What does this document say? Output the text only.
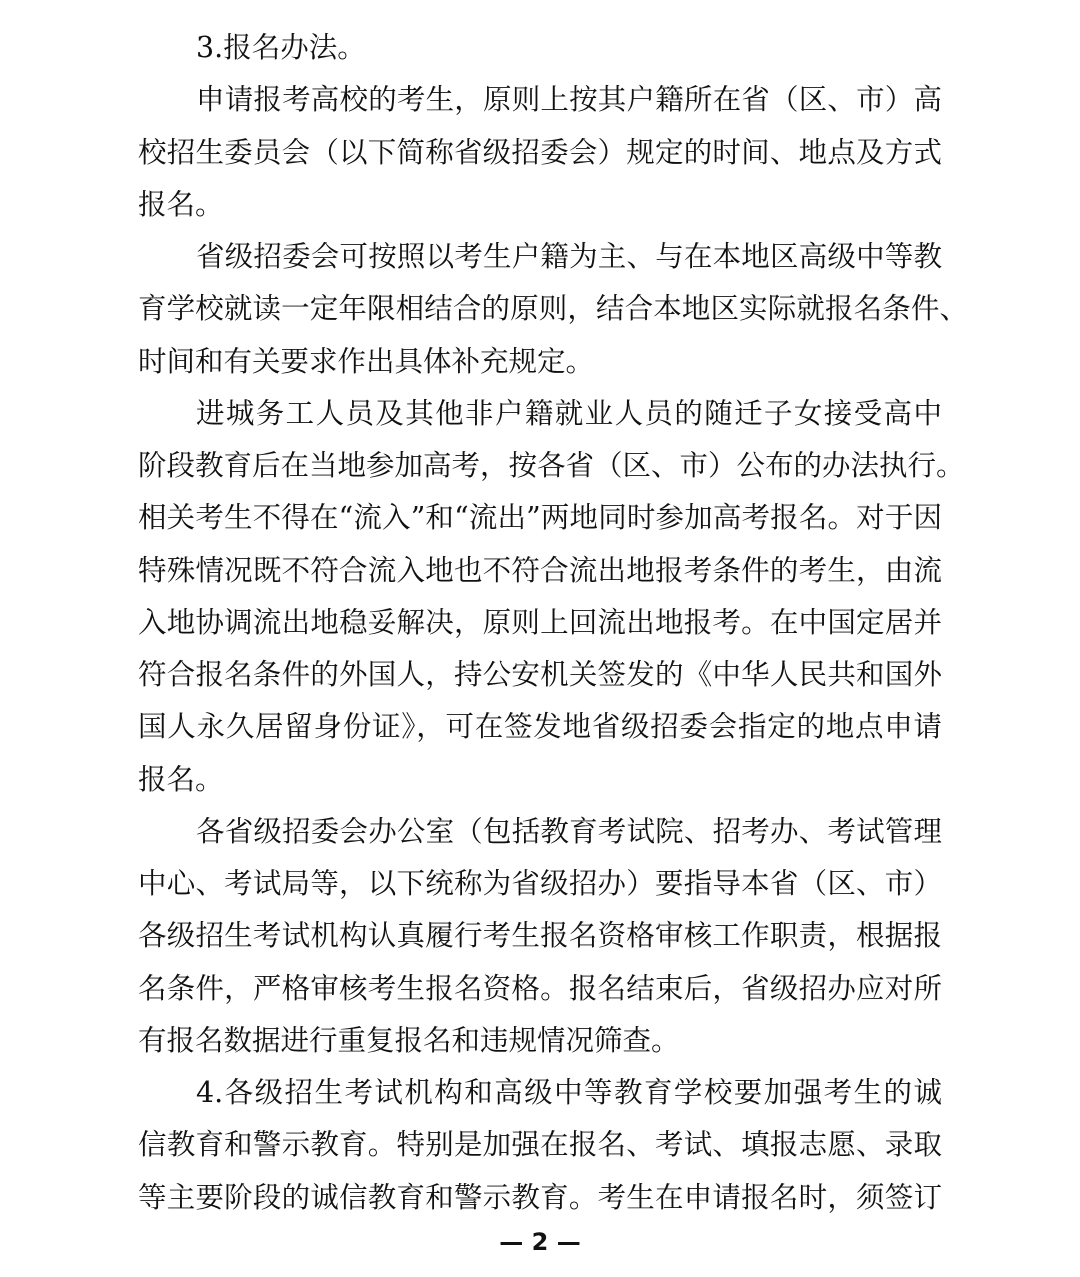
3.报名办法。
申请报考高校的考生，原则上按其户籍所在省（区、市）高
校招生委员会（以下简称省级招委会）规定的时间、地点及方式
报名。
省级招委会可按照以考生户籍为主、与在本地区高级中等教
育学校就读一定年限相结合的原则，结合本地区实际就报名条件、
时间和有关要求作出具体补充规定。
进城务工人员及其他非户籍就业人员的随迁子女接受高中
阶段教育后在当地参加高考，按各省（区、市）公布的办法执行。
相关考生不得在“流入”和“流出”两地同时参加高考报名。对于因
特殊情况既不符合流入地也不符合流出地报考条件的考生，由流
入地协调流出地稳妥解决，原则上回流出地报考。在中国定居并
符合报名条件的外国人，持公安机关签发的《中华人民共和国外
国人永久居留身份证》，可在签发地省级招委会指定的地点申请
报名。
各省级招委会办公室（包括教育考试院、招考办、考试管理
中心、考试局等，以下统称为省级招办）要指导本省（区、市）
各级招生考试机构认真履行考生报名资格审核工作职责，根据报
名条件，严格审核考生报名资格。报名结束后，省级招办应对所
有报名数据进行重复报名和违规情况筛查。
4.各级招生考试机构和高级中等教育学校要加强考生的诚
信教育和警示教育。特别是加强在报名、考试、填报志愿、录取
等主要阶段的诚信教育和警示教育。考生在申请报名时，须签订
— 2 —
